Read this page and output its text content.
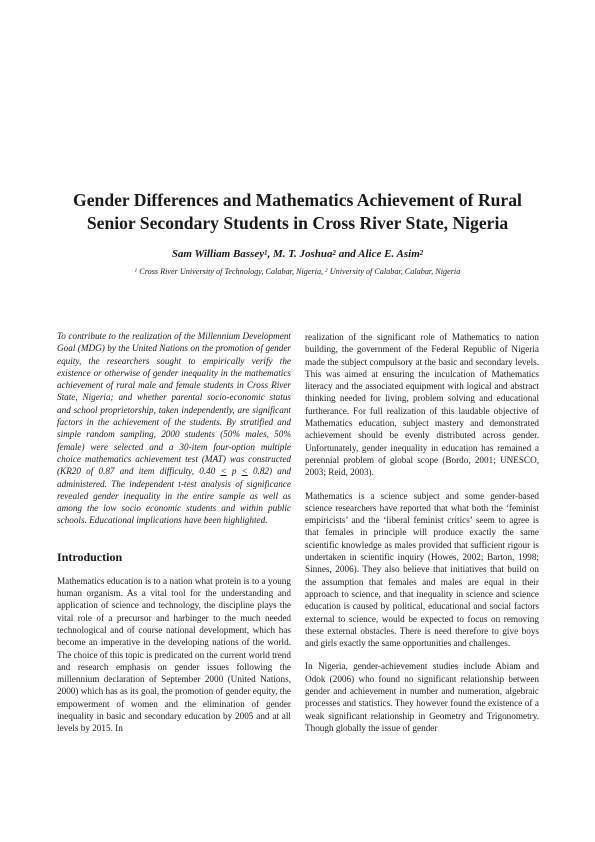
Gender Differences and Mathematics Achievement of Rural
Senior Secondary Students in Cross River State, Nigeria
Sam William Bassey$^1$, M. T. Joshua$^2$ and Alice E. Asim$^2$
$^1$ Cross River University of Technology, Calabar, Nigeria, $^2$ University of Calabar, Calabar, Nigeria

To contribute to the realization of the Millennium Development Goal (MDG) by the United Nations on the promotion of gender equity, the researchers sought to empirically verify the existence or otherwise of gender inequality in the mathematics achievement of rural male and female students in Cross River State, Nigeria; and whether parental socio-economic status and school proprietorship, taken independently, are significant factors in the achievement of the students. By stratified and simple random sampling, 2000 students (50% males, 50% female) were selected and a 30-item four-option multiple choice mathematics achievement test (MAT) was constructed (KR20 of 0.87 and item difficulty, 0.40 ≤ p ≤ 0.82) and administered. The independent t-test analysis of significance revealed gender inequality in the entire sample as well as among the low socio economic students and within public schools. Educational implications have been highlighted.

Introduction

Mathematics education is to a nation what protein is to a young human organism. As a vital tool for the understanding and application of science and technology, the discipline plays the vital role of a precursor and harbinger to the much needed technological and of course national development, which has become an imperative in the developing nations of the world. The choice of this topic is predicated on the current world trend and research emphasis on gender issues following the millennium declaration of September 2000 (United Nations, 2000) which has as its goal, the promotion of gender equity, the empowerment of women and the elimination of gender inequality in basic and secondary education by 2005 and at all levels by 2015. In

realization of the significant role of Mathematics to nation building, the government of the Federal Republic of Nigeria made the subject compulsory at the basic and secondary levels. This was aimed at ensuring the inculcation of Mathematics literacy and the associated equipment with logical and abstract thinking needed for living, problem solving and educational furtherance. For full realization of this laudable objective of Mathematics education, subject mastery and demonstrated achievement should be evenly distributed across gender. Unfortunately, gender inequality in education has remained a perennial problem of global scope (Bordo, 2001; UNESCO, 2003; Reid, 2003).

Mathematics is a science subject and some gender-based science researchers have reported that what both the ‘feminist empiricists’ and the ‘liberal feminist critics’ seem to agree is that females in principle will produce exactly the same scientific knowledge as males provided that sufficient rigour is undertaken in scientific inquiry (Howes, 2002; Barton, 1998; Sinnes, 2006). They also believe that initiatives that build on the assumption that females and males are equal in their approach to science, and that inequality in science and science education is caused by political, educational and social factors external to science, would be expected to focus on removing these external obstacles. There is need therefore to give boys and girls exactly the same opportunities and challenges.

In Nigeria, gender-achievement studies include Abiam and Odok (2006) who found no significant relationship between gender and achievement in number and numeration, algebraic processes and statistics. They however found the existence of a weak significant relationship in Geometry and Trigonometry. Though globally the issue of gender
